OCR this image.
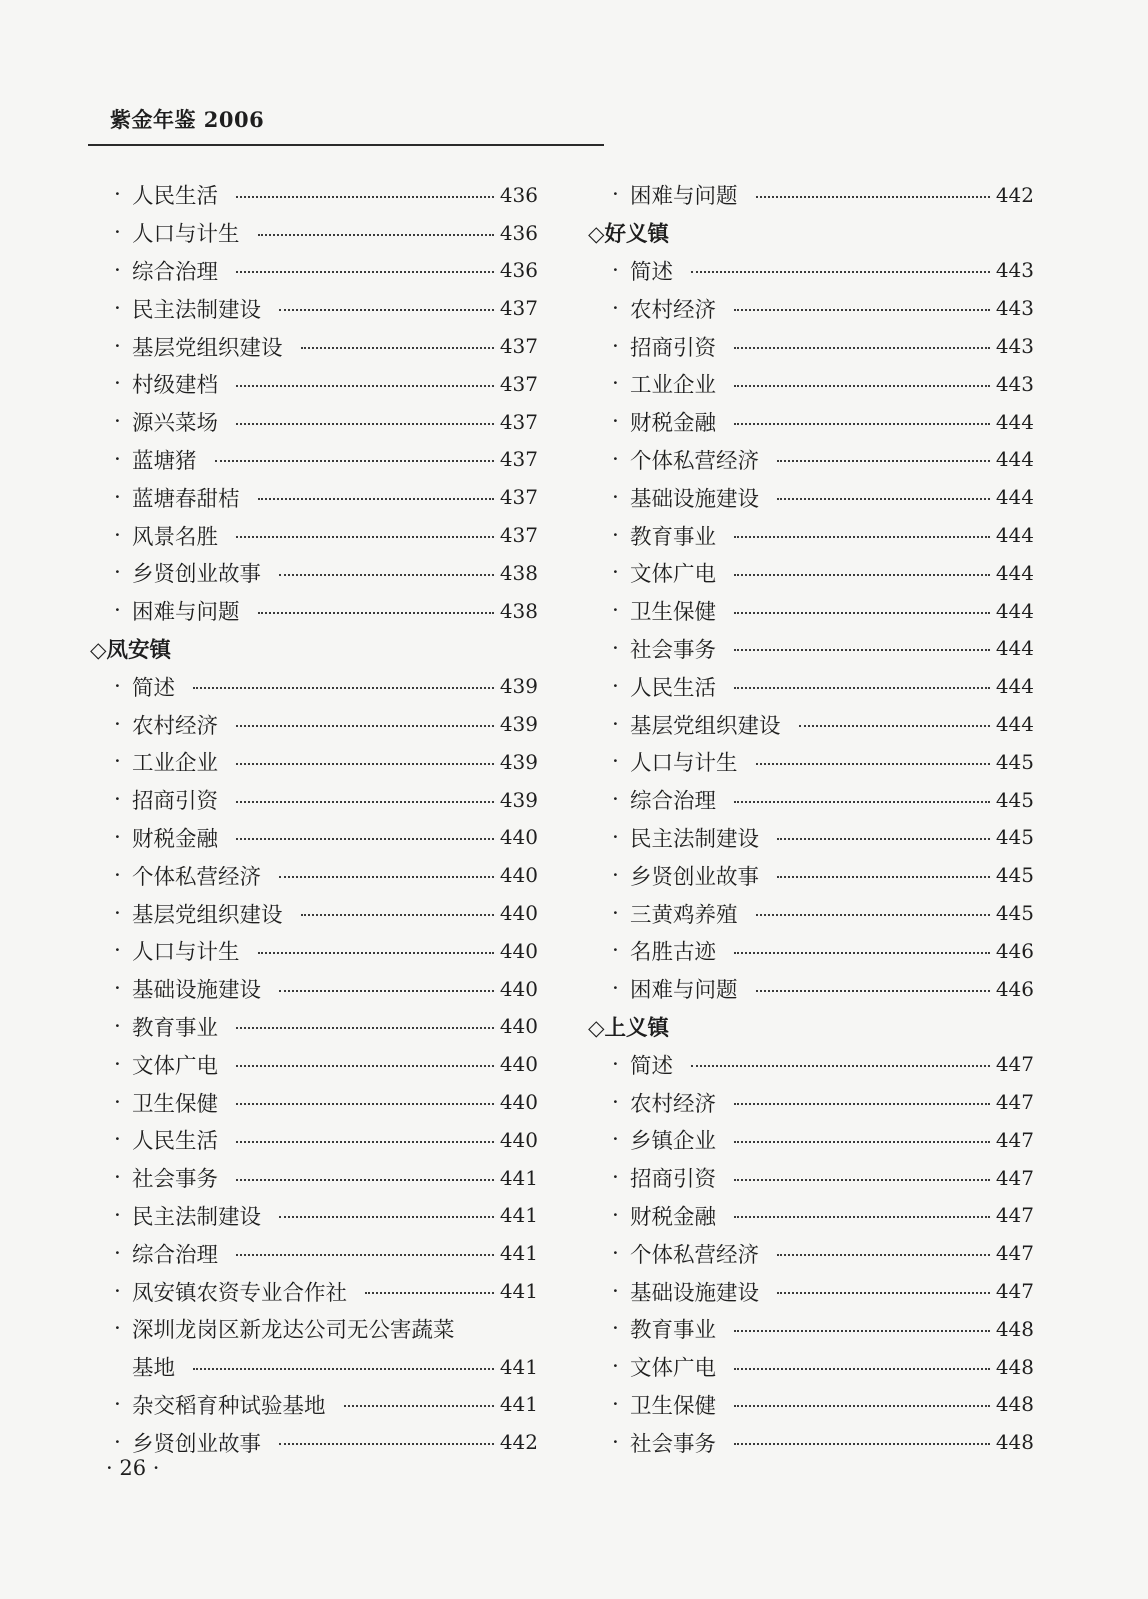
紫金年鉴 2006
· 人民生活	436
· 人口与计生	436
· 综合治理	436
· 民主法制建设	437
· 基层党组织建设	437
· 村级建档	437
· 源兴菜场	437
· 蓝塘猪	437
· 蓝塘春甜桔	437
· 风景名胜	437
· 乡贤创业故事	438
· 困难与问题	438
◇凤安镇
· 简述	439
· 农村经济	439
· 工业企业	439
· 招商引资	439
· 财税金融	440
· 个体私营经济	440
· 基层党组织建设	440
· 人口与计生	440
· 基础设施建设	440
· 教育事业	440
· 文体广电	440
· 卫生保健	440
· 人民生活	440
· 社会事务	441
· 民主法制建设	441
· 综合治理	441
· 凤安镇农资专业合作社	441
· 深圳龙岗区新龙达公司无公害蔬菜
基地	441
· 杂交稻育种试验基地	441
· 乡贤创业故事	442
· 困难与问题	442
◇好义镇
· 简述	443
· 农村经济	443
· 招商引资	443
· 工业企业	443
· 财税金融	444
· 个体私营经济	444
· 基础设施建设	444
· 教育事业	444
· 文体广电	444
· 卫生保健	444
· 社会事务	444
· 人民生活	444
· 基层党组织建设	444
· 人口与计生	445
· 综合治理	445
· 民主法制建设	445
· 乡贤创业故事	445
· 三黄鸡养殖	445
· 名胜古迹	446
· 困难与问题	446
◇上义镇
· 简述	447
· 农村经济	447
· 乡镇企业	447
· 招商引资	447
· 财税金融	447
· 个体私营经济	447
· 基础设施建设	447
· 教育事业	448
· 文体广电	448
· 卫生保健	448
· 社会事务	448
· 26 ·
